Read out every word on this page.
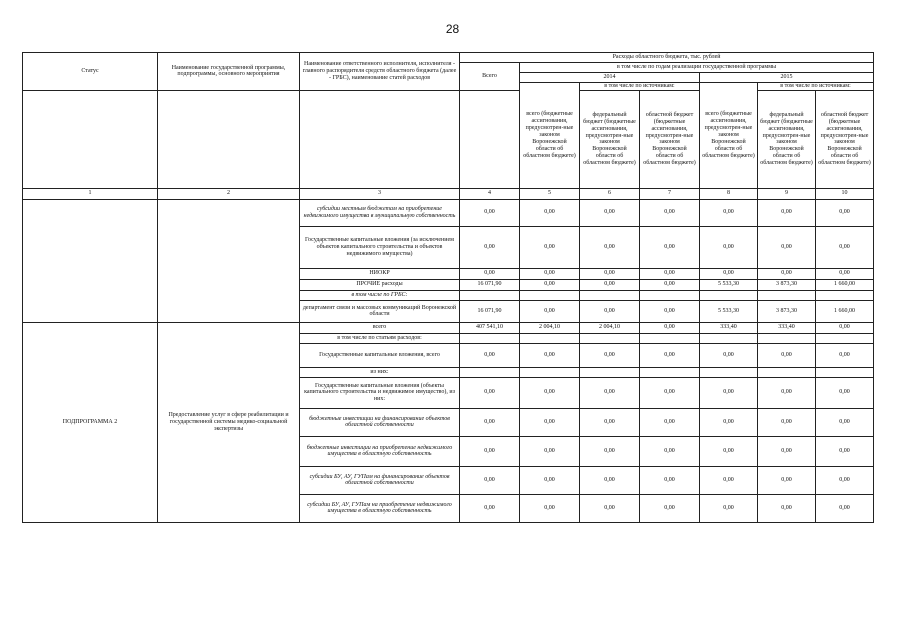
28
Статус	Наименование государственной программы, подпрограммы, основного мероприятия	Наименование ответственного исполнителя, исполнителя - главного распорядителя средств областного бюджета (далее - ГРБС), наименование статей расходов	Расходы областного бюджета, тыс. рублей						
			Всего	в том числе по годам реализации государственной программы					
				2014			2015		
				всего (бюджетные ассигнования, предусмотрен-ные законом Воронежской области об областном бюджете)	в том числе по источникам:		всего (бюджетные ассигнования, предусмотрен-ные законом Воронежской области об областном бюджете)	в том числе по источникам:	
					федеральный бюджет (бюджетные ассигнования, предусмотрен-ные законом Воронежской области об областном бюджете)	областной бюджет (бюджетные ассигнования, предусмотрен-ные законом Воронежской области об областном бюджете)		федеральный бюджет (бюджетные ассигнования, предусмотрен-ные законом Воронежской области об областном бюджете)	областной бюджет (бюджетные ассигнования, предусмотрен-ные законом Воронежской области об областном бюджете)
1	2	3	4	5	6	7	8	9	10
		субсидии местным бюджетам на приобретение недвижимого имущества в муниципальную собственность	0,00	0,00	0,00	0,00	0,00	0,00	0,00
		Государственные капитальные вложения (за исключением объектов капитального строительства и объектов недвижимого имущества)	0,00	0,00	0,00	0,00	0,00	0,00	0,00
		НИОКР	0,00	0,00	0,00	0,00	0,00	0,00	0,00
		ПРОЧИЕ расходы	16 071,90	0,00	0,00	0,00	5 533,30	3 873,30	1 660,00
		в том числе по ГРБС:							
		департамент связи и массовых коммуникаций Воронежской области	16 071,90	0,00	0,00	0,00	5 533,30	3 873,30	1 660,00
ПОДПРОГРАММА 2	Предоставление услуг в сфере реабилитации и государственной системы медико-социальной экспертизы	всего	407 541,10	2 004,10	2 004,10	0,00	333,40	333,40	0,00
		в том числе по статьям расходов:							
		Государственные капитальные вложения, всего	0,00	0,00	0,00	0,00	0,00	0,00	0,00
		из них:							
		Государственные капитальные вложения (объекты капитального строительства и недвижимое имущество), из них:	0,00	0,00	0,00	0,00	0,00	0,00	0,00
		бюджетные инвестиции на финансирование объектов областной собственности	0,00	0,00	0,00	0,00	0,00	0,00	0,00
		бюджетные инвестиции на приобретение недвижимого имущества в областную собственность	0,00	0,00	0,00	0,00	0,00	0,00	0,00
		субсидии БУ, АУ, ГУПам на финансирование объектов областной собственности	0,00	0,00	0,00	0,00	0,00	0,00	0,00
		субсидии БУ, АУ, ГУПам на приобретение недвижимого имущества в областную собственность	0,00	0,00	0,00	0,00	0,00	0,00	0,00
